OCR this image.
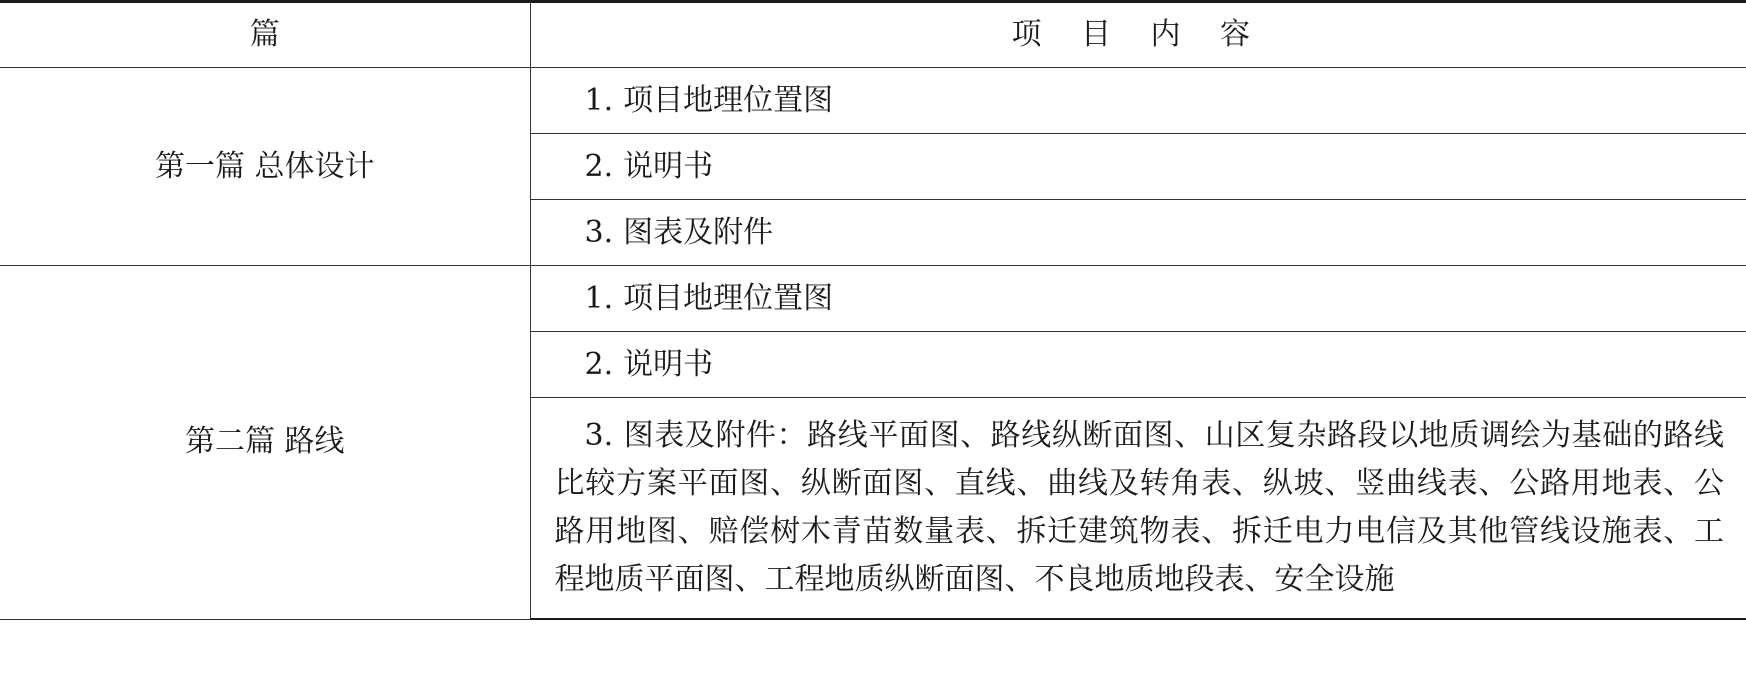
篇	项 目 内 容
第一篇 总体设计	1. 项目地理位置图
	2. 说明书
	3. 图表及附件
第二篇 路线	1. 项目地理位置图
	2. 说明书
	3. 图表及附件：路线平面图、路线纵断面图、山区复杂路段以地质调绘为基础的路线比较方案平面图、纵断面图、直线、曲线及转角表、纵坡、竖曲线表、公路用地表、公路用地图、赔偿树木青苗数量表、拆迁建筑物表、拆迁电力电信及其他管线设施表、工程地质平面图、工程地质纵断面图、不良地质地段表、安全设施
